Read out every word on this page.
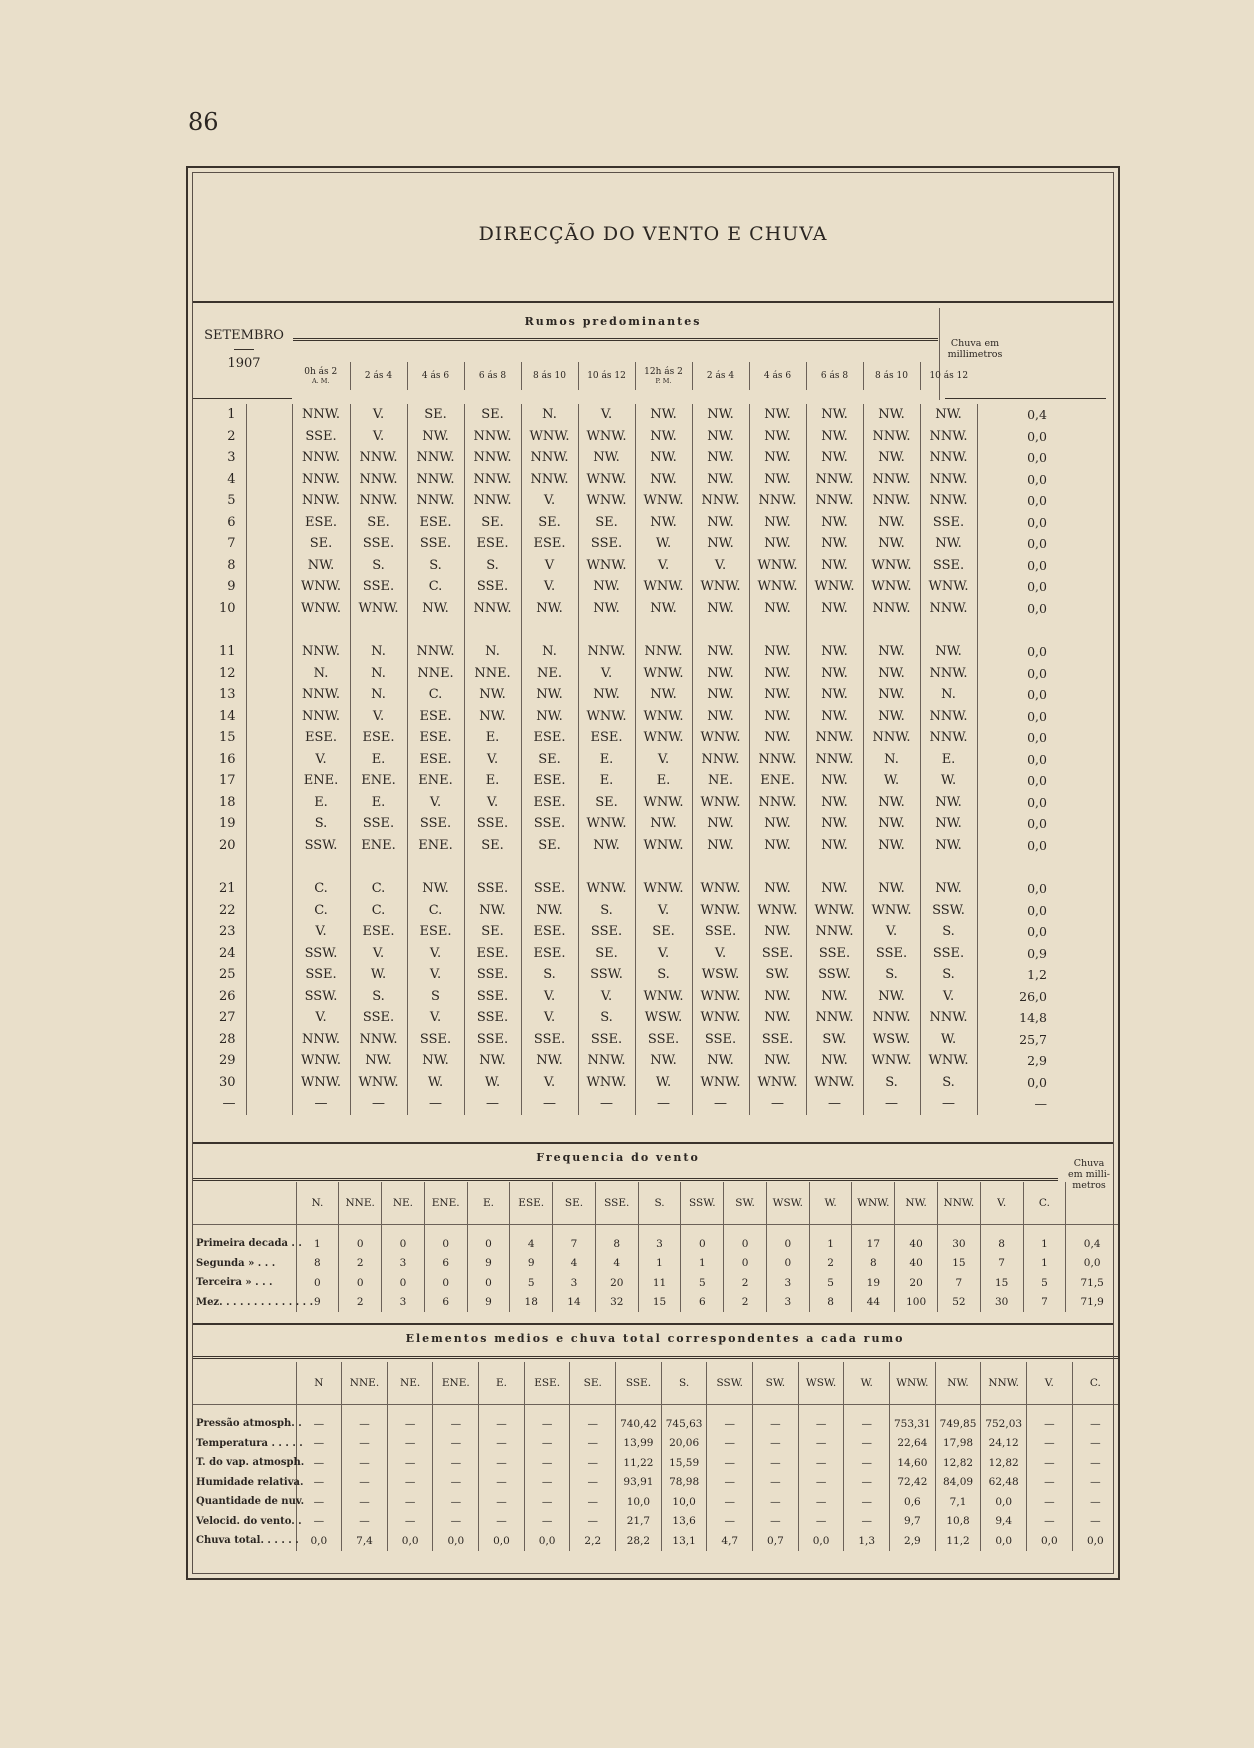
86
DIRECÇÃO DO VENTO E CHUVA
SETEMBRO
1907
Rumos predominantes
Chuva em millimetros
0h ás 2
A. M.	2 ás 4	4 ás 6	6 ás 8	8 ás 10	10 ás 12	12h ás 2
P. M.	2 ás 4	4 ás 6	6 ás 8	8 ás 10	10 ás 12
1		NNW.	V.	SE.	SE.	N.	V.	NW.	NW.	NW.	NW.	NW.	NW.	0,4
2		SSE.	V.	NW.	NNW.	WNW.	WNW.	NW.	NW.	NW.	NW.	NNW.	NNW.	0,0
3		NNW.	NNW.	NNW.	NNW.	NNW.	NW.	NW.	NW.	NW.	NW.	NW.	NNW.	0,0
4		NNW.	NNW.	NNW.	NNW.	NNW.	WNW.	NW.	NW.	NW.	NNW.	NNW.	NNW.	0,0
5		NNW.	NNW.	NNW.	NNW.	V.	WNW.	WNW.	NNW.	NNW.	NNW.	NNW.	NNW.	0,0
6		ESE.	SE.	ESE.	SE.	SE.	SE.	NW.	NW.	NW.	NW.	NW.	SSE.	0,0
7		SE.	SSE.	SSE.	ESE.	ESE.	SSE.	W.	NW.	NW.	NW.	NW.	NW.	0,0
8		NW.	S.	S.	S.	V	WNW.	V.	V.	WNW.	NW.	WNW.	SSE.	0,0
9		WNW.	SSE.	C.	SSE.	V.	NW.	WNW.	WNW.	WNW.	WNW.	WNW.	WNW.	0,0
10		WNW.	WNW.	NW.	NNW.	NW.	NW.	NW.	NW.	NW.	NW.	NNW.	NNW.	0,0

11		NNW.	N.	NNW.	N.	N.	NNW.	NNW.	NW.	NW.	NW.	NW.	NW.	0,0
12		N.	N.	NNE.	NNE.	NE.	V.	WNW.	NW.	NW.	NW.	NW.	NNW.	0,0
13		NNW.	N.	C.	NW.	NW.	NW.	NW.	NW.	NW.	NW.	NW.	N.	0,0
14		NNW.	V.	ESE.	NW.	NW.	WNW.	WNW.	NW.	NW.	NW.	NW.	NNW.	0,0
15		ESE.	ESE.	ESE.	E.	ESE.	ESE.	WNW.	WNW.	NW.	NNW.	NNW.	NNW.	0,0
16		V.	E.	ESE.	V.	SE.	E.	V.	NNW.	NNW.	NNW.	N.	E.	0,0
17		ENE.	ENE.	ENE.	E.	ESE.	E.	E.	NE.	ENE.	NW.	W.	W.	0,0
18		E.	E.	V.	V.	ESE.	SE.	WNW.	WNW.	NNW.	NW.	NW.	NW.	0,0
19		S.	SSE.	SSE.	SSE.	SSE.	WNW.	NW.	NW.	NW.	NW.	NW.	NW.	0,0
20		SSW.	ENE.	ENE.	SE.	SE.	NW.	WNW.	NW.	NW.	NW.	NW.	NW.	0,0

21		C.	C.	NW.	SSE.	SSE.	WNW.	WNW.	WNW.	NW.	NW.	NW.	NW.	0,0
22		C.	C.	C.	NW.	NW.	S.	V.	WNW.	WNW.	WNW.	WNW.	SSW.	0,0
23		V.	ESE.	ESE.	SE.	ESE.	SSE.	SE.	SSE.	NW.	NNW.	V.	S.	0,0
24		SSW.	V.	V.	ESE.	ESE.	SE.	V.	V.	SSE.	SSE.	SSE.	SSE.	0,9
25		SSE.	W.	V.	SSE.	S.	SSW.	S.	WSW.	SW.	SSW.	S.	S.	1,2
26		SSW.	S.	S	SSE.	V.	V.	WNW.	WNW.	NW.	NW.	NW.	V.	26,0
27		V.	SSE.	V.	SSE.	V.	S.	WSW.	WNW.	NW.	NNW.	NNW.	NNW.	14,8
28		NNW.	NNW.	SSE.	SSE.	SSE.	SSE.	SSE.	SSE.	SSE.	SW.	WSW.	W.	25,7
29		WNW.	NW.	NW.	NW.	NW.	NNW.	NW.	NW.	NW.	NW.	WNW.	WNW.	2,9
30		WNW.	WNW.	W.	W.	V.	WNW.	W.	WNW.	WNW.	WNW.	S.	S.	0,0
—		—	—	—	—	—	—	—	—	—	—	—	—	—
Frequencia do vento	Chuva em milli-metros
	N.	NNE.	NE.	ENE.	E.	ESE.	SE.	SSE.	S.	SSW.	SW.	WSW.	W.	WNW.	NW.	NNW.	V.	C.	

Primeira decada . .	1	0	0	0	0	4	7	8	3	0	0	0	1	17	40	30	8	1	0,4
Segunda » . . .	8	2	3	6	9	9	4	4	1	1	0	0	2	8	40	15	7	1	0,0
Terceira » . . .	0	0	0	0	0	5	3	20	11	5	2	3	5	19	20	7	15	5	71,5
Mez. . . . . . . . . . . . . .	9	2	3	6	9	18	14	32	15	6	2	3	8	44	100	52	30	7	71,9
Elementos medios e chuva total correspondentes a cada rumo
	N	NNE.	NE.	ENE.	E.	ESE.	SE.	SSE.	S.	SSW.	SW.	WSW.	W.	WNW.	NW.	NNW.	V.	C.

Pressão atmosph. .	—	—	—	—	—	—	—	740,42	745,63	—	—	—	—	753,31	749,85	752,03	—	—
Temperatura . . . . .	—	—	—	—	—	—	—	13,99	20,06	—	—	—	—	22,64	17,98	24,12	—	—
T. do vap. atmosph.	—	—	—	—	—	—	—	11,22	15,59	—	—	—	—	14,60	12,82	12,82	—	—
Humidade relativa.	—	—	—	—	—	—	—	93,91	78,98	—	—	—	—	72,42	84,09	62,48	—	—
Quantidade de nuv.	—	—	—	—	—	—	—	10,0	10,0	—	—	—	—	0,6	7,1	0,0	—	—
Velocid. do vento. .	—	—	—	—	—	—	—	21,7	13,6	—	—	—	—	9,7	10,8	9,4	—	—
Chuva total. . . . . .	0,0	7,4	0,0	0,0	0,0	0,0	2,2	28,2	13,1	4,7	0,7	0,0	1,3	2,9	11,2	0,0	0,0	0,0
